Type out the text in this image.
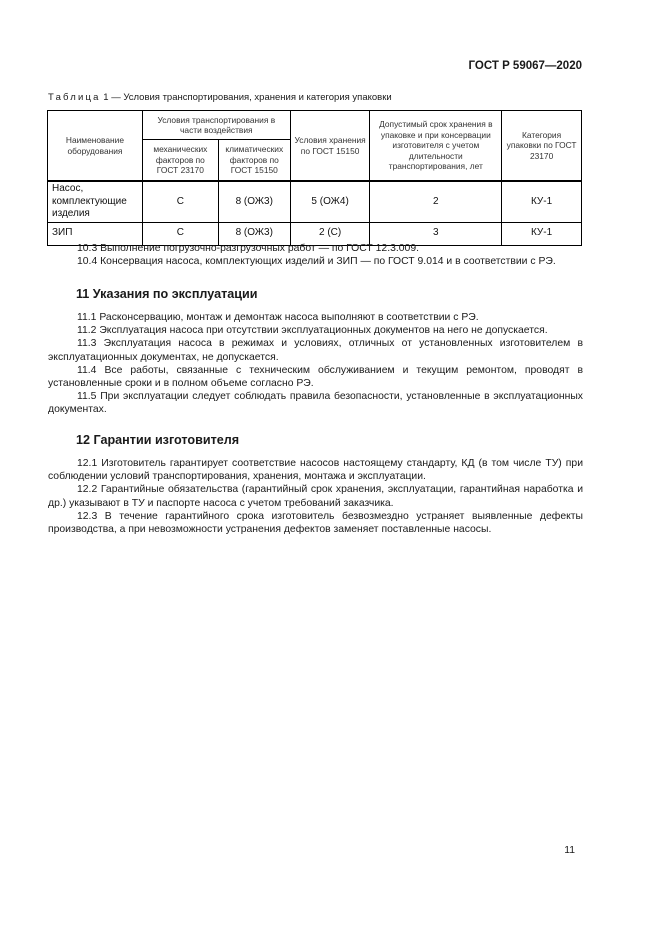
ГОСТ Р 59067—2020
Таблица 1 — Условия транспортирования, хранения и категория упаковки
Наименование оборудования	Условия транспортирования в части воздействия		Условия хранения по ГОСТ 15150	Допустимый срок хранения в упаковке и при консервации изготовителя с учетом длительности транспортирования, лет	Категория упаковки по ГОСТ 23170
	механических факторов по ГОСТ 23170	климатических факторов по ГОСТ 15150			
Насос, комплектующие изделия	С	8 (ОЖ3)	5 (ОЖ4)	2	КУ-1
ЗИП	С	8 (ОЖ3)	2 (С)	3	КУ-1

10.3 Выполнение погрузочно-разгрузочных работ — по ГОСТ 12.3.009.

10.4 Консервация насоса, комплектующих изделий и ЗИП — по ГОСТ 9.014 и в соответствии с РЭ.

11 Указания по эксплуатации

11.1 Расконсервацию, монтаж и демонтаж насоса выполняют в соответствии с РЭ.

11.2 Эксплуатация насоса при отсутствии эксплуатационных документов на него не допускается.

11.3 Эксплуатация насоса в режимах и условиях, отличных от установленных изготовителем в эксплуатационных документах, не допускается.

11.4 Все работы, связанные с техническим обслуживанием и текущим ремонтом, проводят в установленные сроки и в полном объеме согласно РЭ.

11.5 При эксплуатации следует соблюдать правила безопасности, установленные в эксплуатационных документах.

12 Гарантии изготовителя

12.1 Изготовитель гарантирует соответствие насосов настоящему стандарту, КД (в том числе ТУ) при соблюдении условий транспортирования, хранения, монтажа и эксплуатации.

12.2 Гарантийные обязательства (гарантийный срок хранения, эксплуатации, гарантийная наработка и др.) указывают в ТУ и паспорте насоса с учетом требований заказчика.

12.3 В течение гарантийного срока изготовитель безвозмездно устраняет выявленные дефекты производства, а при невозможности устранения дефектов заменяет поставленные насосы.

11
